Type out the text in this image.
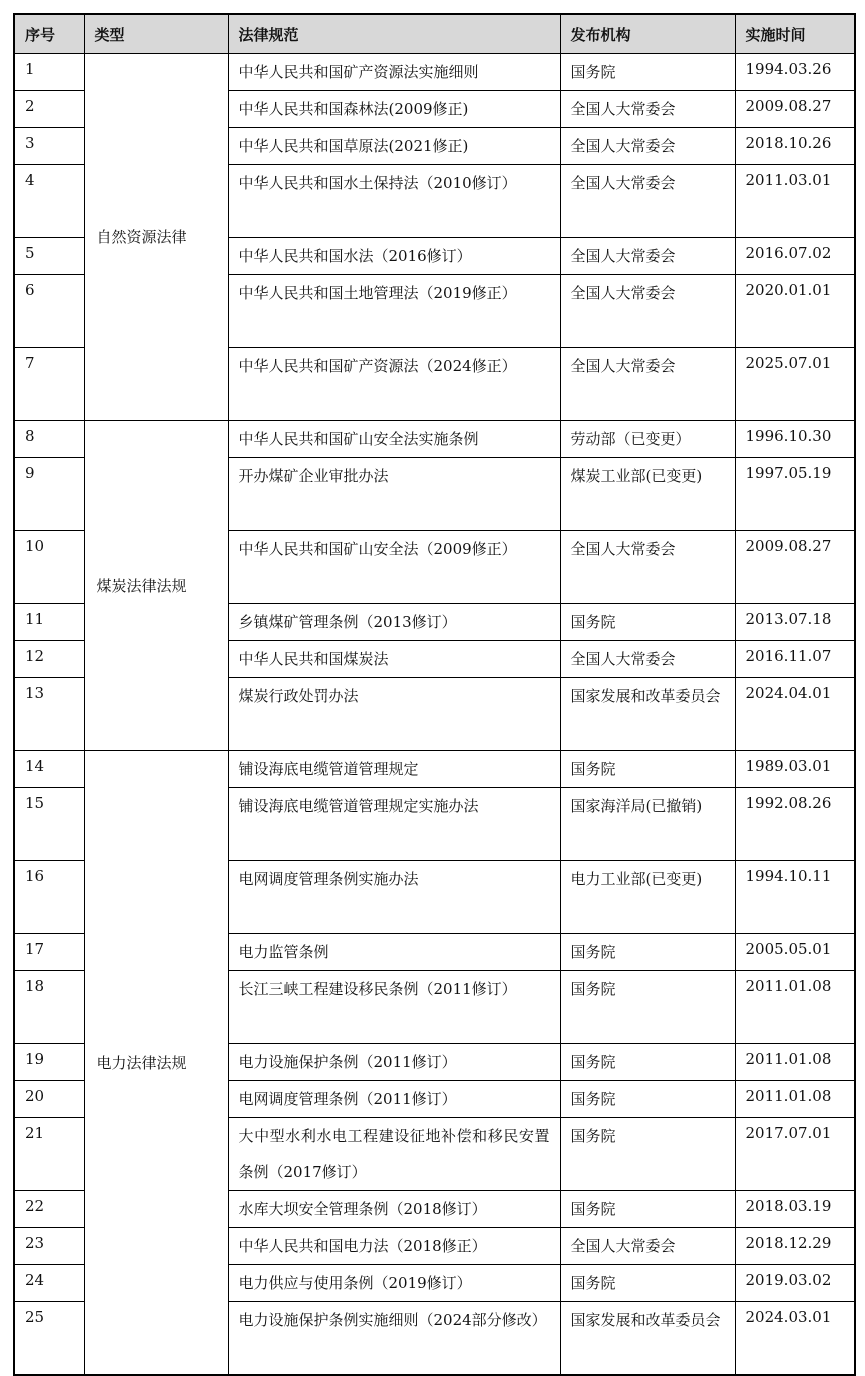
序号	类型	法律规范	发布机构	实施时间
1	自然资源法律	中华人民共和国矿产资源法实施细则	国务院	1994.03.26
2		中华人民共和国森林法(2009修正)	全国人大常委会	2009.08.27
3		中华人民共和国草原法(2021修正)	全国人大常委会	2018.10.26
4		中华人民共和国水土保持法（2010修订）	全国人大常委会	2011.03.01
5		中华人民共和国水法（2016修订）	全国人大常委会	2016.07.02
6		中华人民共和国土地管理法（2019修正）	全国人大常委会	2020.01.01
7		中华人民共和国矿产资源法（2024修正）	全国人大常委会	2025.07.01
8	煤炭法律法规	中华人民共和国矿山安全法实施条例	劳动部（已变更）	1996.10.30
9		开办煤矿企业审批办法	煤炭工业部(已变更)	1997.05.19
10		中华人民共和国矿山安全法（2009修正）	全国人大常委会	2009.08.27
11		乡镇煤矿管理条例（2013修订）	国务院	2013.07.18
12		中华人民共和国煤炭法	全国人大常委会	2016.11.07
13		煤炭行政处罚办法	国家发展和改革委员会	2024.04.01
14	电力法律法规	铺设海底电缆管道管理规定	国务院	1989.03.01
15		铺设海底电缆管道管理规定实施办法	国家海洋局(已撤销)	1992.08.26
16		电网调度管理条例实施办法	电力工业部(已变更)	1994.10.11
17		电力监管条例	国务院	2005.05.01
18		长江三峡工程建设移民条例（2011修订）	国务院	2011.01.08
19		电力设施保护条例（2011修订）	国务院	2011.01.08
20		电网调度管理条例（2011修订）	国务院	2011.01.08
21		大中型水利水电工程建设征地补偿和移民安置条例（2017修订）	国务院	2017.07.01
22		水库大坝安全管理条例（2018修订）	国务院	2018.03.19
23		中华人民共和国电力法（2018修正）	全国人大常委会	2018.12.29
24		电力供应与使用条例（2019修订）	国务院	2019.03.02
25		电力设施保护条例实施细则（2024部分修改）	国家发展和改革委员会	2024.03.01
